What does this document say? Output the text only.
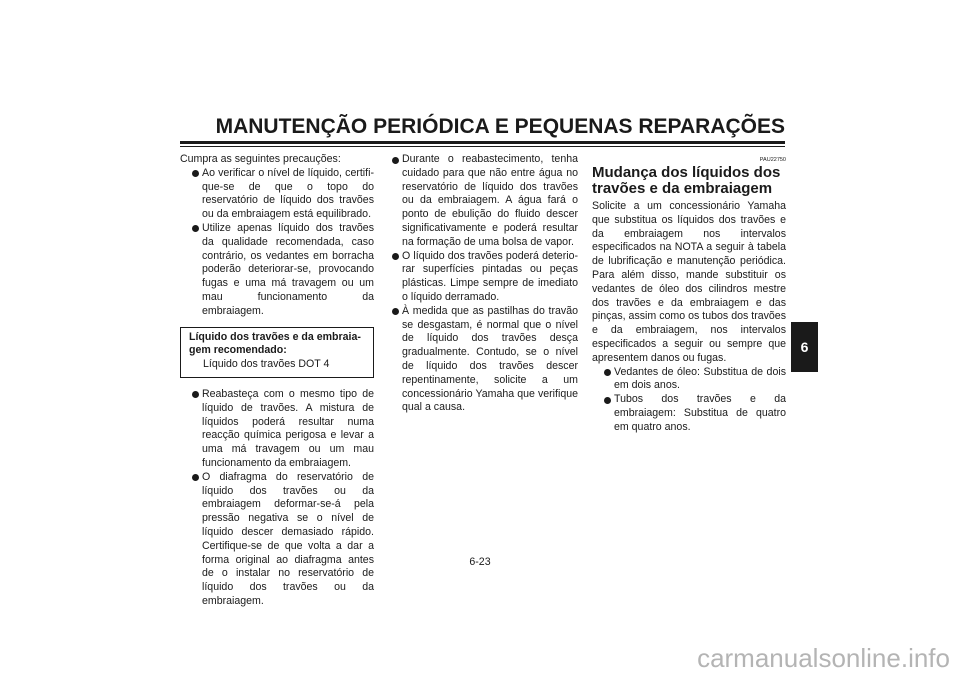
MANUTENÇÃO PERIÓDICA E PEQUENAS REPARAÇÕES

Cumpra as seguintes precauções:

Ao verificar o nível de líquido, certifique-se de que o topo do reservatório de líquido dos travões ou da embraiagem está equilibrado.
Utilize apenas líquido dos travões da qualidade recomendada, caso contrário, os vedantes em borracha poderão deteriorar-se, provocando fugas e uma má travagem ou um mau funcionamento da embraiagem.
Líquido dos travões e da embraiagem recomendado:
Líquido dos travões DOT 4
Reabasteça com o mesmo tipo de líquido de travões. A mistura de líquidos poderá resultar numa reacção química perigosa e levar a uma má travagem ou um mau funcionamento da embraiagem.
O diafragma do reservatório de líquido dos travões ou da embraiagem deformar-se-á pela pressão negativa se o nível de líquido descer demasiado rápido. Certifique-se de que volta a dar a forma original ao diafragma antes de o instalar no reservatório de líquido dos travões ou da embraiagem.
Durante o reabastecimento, tenha cuidado para que não entre água no reservatório de líquido dos travões ou da embraiagem. A água fará o ponto de ebulição do fluido descer significativamente e poderá resultar na formação de uma bolsa de vapor.
O líquido dos travões poderá deteriorar superfícies pintadas ou peças plásticas. Limpe sempre de imediato o líquido derramado.
À medida que as pastilhas do travão se desgastam, é normal que o nível de líquido dos travões desça gradualmente. Contudo, se o nível de líquido dos travões descer repentinamente, solicite a um concessionário Yamaha que verifique qual a causa.
PAU22750
Mudança dos líquidos dos travões e da embraiagem

Solicite a um concessionário Yamaha que substitua os líquidos dos travões e da embraiagem nos intervalos especificados na NOTA a seguir à tabela de lubrificação e manutenção periódica. Para além disso, mande substituir os vedantes de óleo dos cilindros mestre dos travões e da embraiagem e das pinças, assim como os tubos dos travões e da embraiagem, nos intervalos especificados a seguir ou sempre que apresentem danos ou fugas.

Vedantes de óleo: Substitua de dois em dois anos.
Tubos dos travões e da embraiagem: Substitua de quatro em quatro anos.
6
6-23
carmanualsonline.info
